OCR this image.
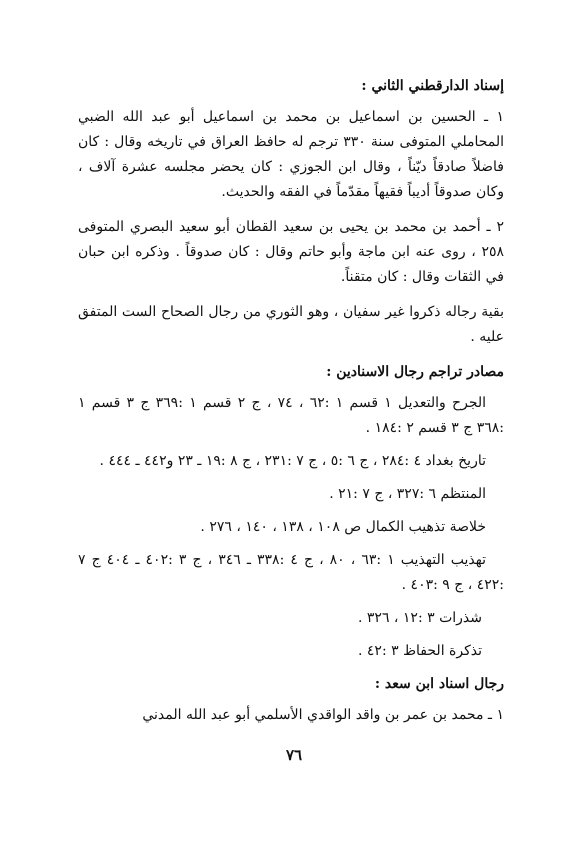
إسناد الدارقطني الثاني :

١ ـ الحسين بن اسماعيل بن محمد بن اسماعيل أبو عبد الله الضبي المحاملي المتوفى سنة ٣٣٠ ترجم له حافظ العراق في تاريخه وقال : كان فاضلاً صادقاً ديّناً ، وقال ابن الجوزي : كان يحضر مجلسه عشرة آلاف ، وكان صدوقاً أديباً فقيهاً مقدّماً في الفقه والحديث.

٢ ـ أحمد بن محمد بن يحيى بن سعيد القطان أبو سعيد البصري المتوفى ٢٥٨ ، روى عنه ابن ماجة وأبو حاتم وقال : كان صدوقاً . وذكره ابن حبان في الثقات وقال : كان متقناً.

بقية رجاله ذكروا غير سفيان ، وهو الثوري من رجال الصحاح الست المتفق عليه .

مصادر تراجم رجال الاسنادين :

الجرح والتعديل ١ قسم ١ :٦٢ ، ٧٤ ، ج ٢ قسم ١ :٣٦٩ ج ٣ قسم ١ :٣٦٨ ج ٣ قسم ٢ :١٨٤ .

تاريخ بغداد ٤ :٢٨٤ ، ج ٦ :٥ ، ج ٧ :٢٣١ ، ج ٨ :١٩ ـ ٢٣ و٤٤٢ ـ ٤٤٤ .

المنتظم ٦ :٣٢٧ ، ج ٧ :٢١ .

خلاصة تذهيب الكمال ص ١٠٨ ، ١٣٨ ، ١٤٠ ، ٢٧٦ .

تهذيب التهذيب ١ :٦٣ ، ٨٠ ، ج ٤ :٣٣٨ ـ ٣٤٦ ، ج ٣ :٤٠٢ ـ ٤٠٤ ج ٧ :٤٢٢ ، ج ٩ :٤٠٣ .

شذرات ٣ :١٢ ، ٣٢٦ .

تذكرة الحفاظ ٣ :٤٢ .

رجال اسناد ابن سعد :

١ ـ محمد بن عمر بن واقد الواقدي الأسلمي أبو عبد الله المدني

٧٦
